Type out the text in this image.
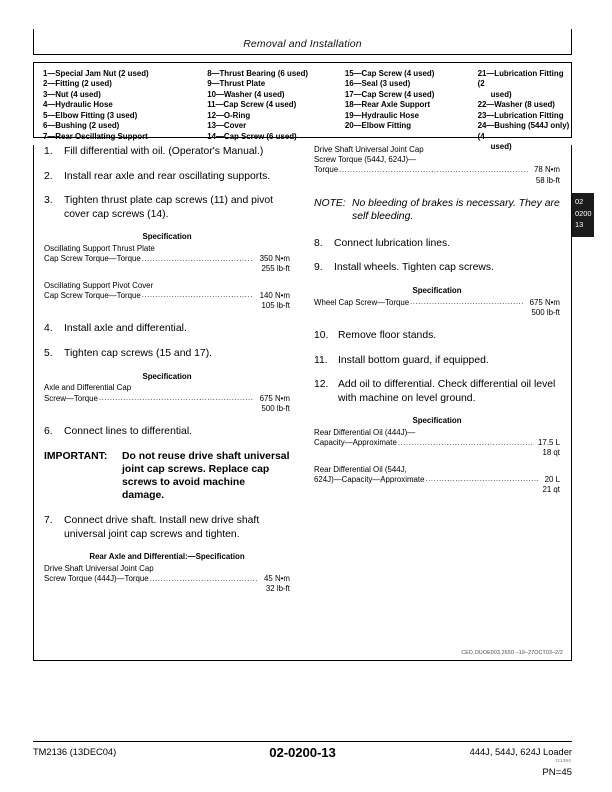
Removal and Installation
1—Special Jam Nut (2 used)
2—Fitting (2 used)
3—Nut (4 used)
4—Hydraulic Hose
5—Elbow Fitting (3 used)
6—Bushing (2 used)
7—Rear Oscillating Support
8—Thrust Bearing (6 used)
9—Thrust Plate
10—Washer (4 used)
11—Cap Screw (4 used)
12—O-Ring
13—Cover
14—Cap Screw (6 used)
15—Cap Screw (4 used)
16—Seal (3 used)
17—Cap Screw (4 used)
18—Rear Axle Support
19—Hydraulic Hose
20—Elbow Fitting
21—Lubrication Fitting (2
used)
22—Washer (8 used)
23—Lubrication Fitting
24—Bushing (544J only) (4
used)
1.	Fill differential with oil. (Operator's Manual.)
2.	Install rear axle and rear oscillating supports.
3.	Tighten thrust plate cap screws (11) and pivot cover cap screws (14).
Specification
Oscillating Support Thrust Plate
Cap Screw Torque—Torque ......................................... 350 N•m
255 lb-ft
Oscillating Support Pivot Cover
Cap Screw Torque—Torque ......................................... 140 N•m
105 lb-ft
4.	Install axle and differential.
5.	Tighten cap screws (15 and 17).
Specification
Axle and Differential Cap
Screw—Torque ......................................................... 675 N•m
500 lb-ft
6.	Connect lines to differential.
IMPORTANT:	Do not reuse drive shaft universal joint cap screws. Replace cap screws to avoid machine damage.
7.	Connect drive shaft. Install new drive shaft universal joint cap screws and tighten.
Rear Axle and Differential:—Specification
Drive Shaft Universal Joint Cap
Screw Torque (444J)—Torque ........................................ 45 N•m
32 lb-ft
Drive Shaft Universal Joint Cap
Screw Torque (544J, 624J)—
Torque ...................................................................... 78 N•m
58 lb-ft
NOTE: No bleeding of brakes is necessary. They are self bleeding.
8.	Connect lubrication lines.
9.	Install wheels. Tighten cap screws.
Specification
Wheel Cap Screw—Torque .......................................... 675 N•m
500 lb-ft
10. Remove floor stands.
11. Install bottom guard, if equipped.
12. Add oil to differential. Check differential oil level with machine on level ground.
Specification
Rear Differential Oil (444J)—
Capacity—Approximate .................................................. 17.5 L
18 qt
Rear Differential Oil (544J,
624J)—Capacity—Approximate .......................................... 20 L
21 qt
CED,OUOE003,2650 –19–27OCT03–2/2
02
0200
13
TM2136 (13DEC04)	02-0200-13	444J, 544J, 624J Loader
t21394
PN=45
